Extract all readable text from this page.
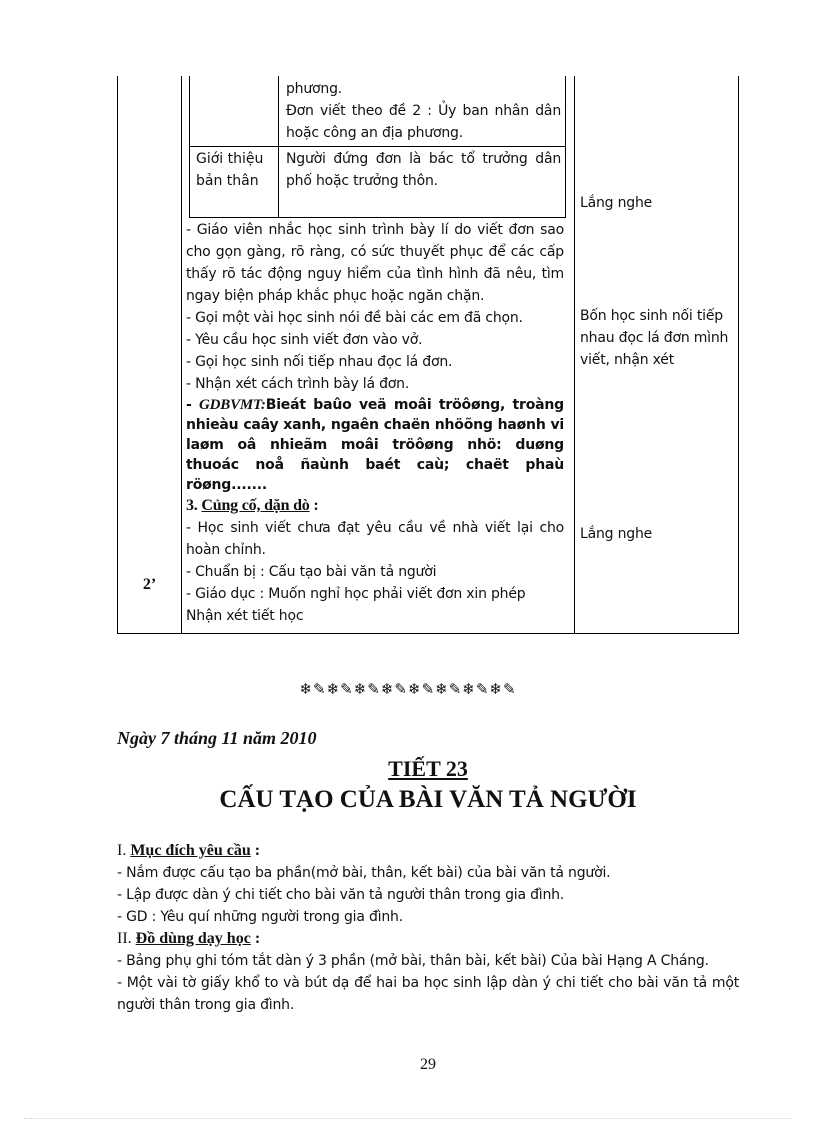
2’
phương.
Đơn viết theo đề 2 : Ủy ban nhân dân hoặc công an địa phương.
Giới thiệu bản thân
Người đứng đơn là bác tổ trưởng dân phố hoặc trưởng thôn.

- Giáo viên nhắc học sinh trình bày lí do viết đơn sao cho gọn gàng, rõ ràng, có sức thuyết phục để các cấp thấy rõ tác động nguy hiểm của tình hình đã nêu, tìm ngay biện pháp khắc phục hoặc ngăn chặn.

- Gọi một vài học sinh nói đề bài các em đã chọn.

- Yêu cầu học sinh viết đơn vào vở.

- Gọi học sinh nối tiếp nhau đọc lá đơn.

- Nhận xét cách trình bày lá đơn.

- GDBVMT:Bieát baûo veä moâi tröôøng, troàng nhieàu caây xanh, ngaên chaën nhöõng haønh vi laøm oâ nhieãm moâi tröôøng nhö: duøng thuoác noå ñaùnh baét caù; chaët phaù röøng.......

3. Củng cố, dặn dò :

- Học sinh viết chưa đạt yêu cầu về nhà viết lại cho hoàn chỉnh.

- Chuẩn bị : Cấu tạo bài văn tả người

- Giáo dục : Muốn nghỉ học phải viết đơn xin phép

Nhận xét tiết học

Lắng nghe
Bốn học sinh nối tiếp nhau đọc lá đơn mình viết, nhận xét
Lắng nghe
❄✎❄✎❄✎❄✎❄✎❄✎❄✎❄✎
Ngày 7 tháng 11 năm 2010
TIẾT 23
CẤU TẠO CỦA BÀI VĂN TẢ NGƯỜI
I. Mục đích yêu cầu :
- Nắm được cấu tạo ba phần(mở bài, thân, kết bài) của bài văn tả người.
- Lập được dàn ý chi tiết cho bài văn tả người thân trong gia đình.
- GD : Yêu quí những người trong gia đình.
II. Đồ dùng dạy học :
- Bảng phụ ghi tóm tắt dàn ý 3 phần (mở bài, thân bài, kết bài) Của bài Hạng A Cháng.
- Một vài tờ giấy khổ to và bút dạ để hai ba học sinh lập dàn ý chi tiết cho bài văn tả một người thân trong gia đình.
29
